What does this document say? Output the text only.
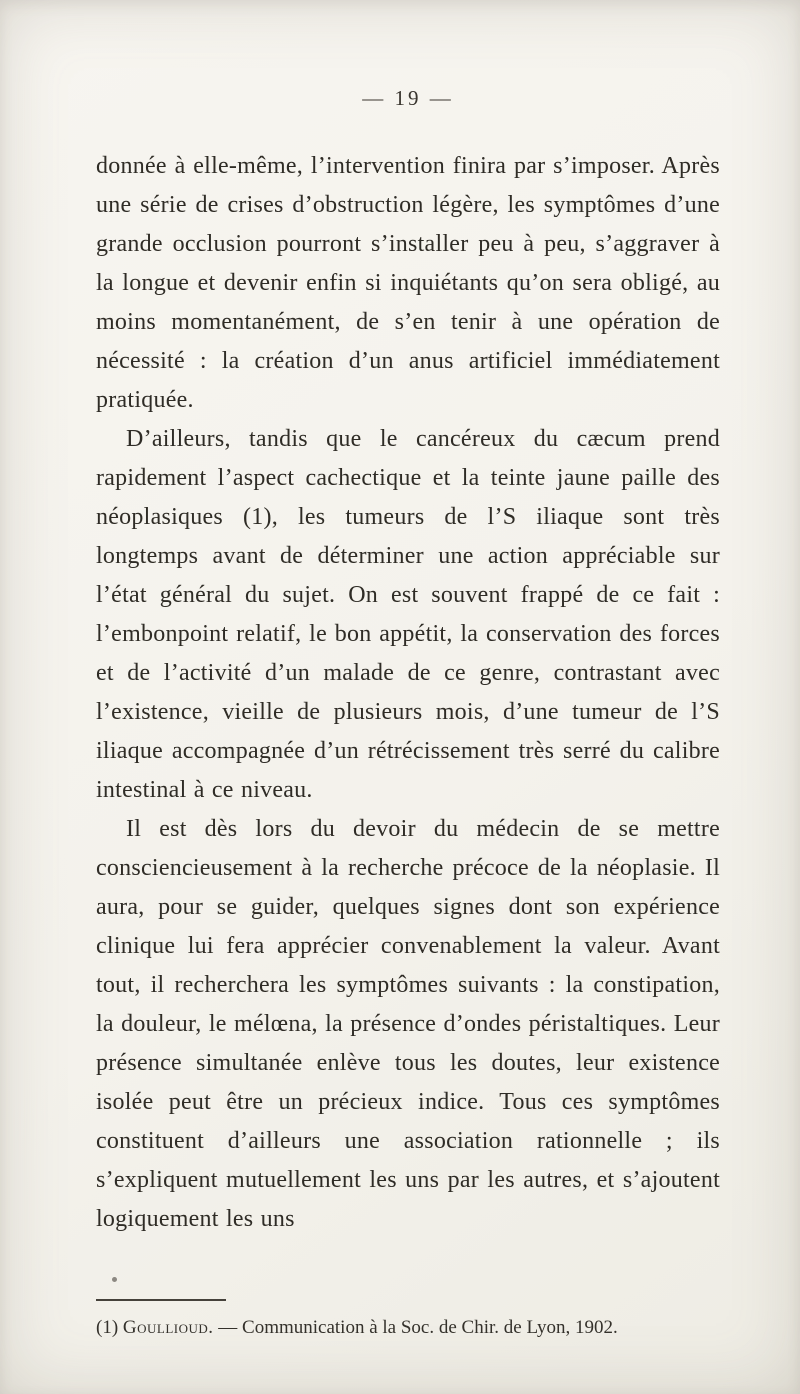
— 19 —

donnée à elle-même, l’intervention finira par s’imposer. Après une série de crises d’obstruction légère, les symptômes d’une grande occlusion pourront s’installer peu à peu, s’aggraver à la longue et devenir enfin si inquiétants qu’on sera obligé, au moins momentanément, de s’en tenir à une opération de nécessité : la création d’un anus artificiel immédiatement pratiquée.

D’ailleurs, tandis que le cancéreux du cæcum prend rapidement l’aspect cachectique et la teinte jaune paille des néoplasiques (1), les tumeurs de l’S iliaque sont très longtemps avant de déterminer une action appréciable sur l’état général du sujet. On est souvent frappé de ce fait : l’embonpoint relatif, le bon appétit, la conservation des forces et de l’activité d’un malade de ce genre, contrastant avec l’existence, vieille de plusieurs mois, d’une tumeur de l’S iliaque accompagnée d’un rétrécissement très serré du calibre intestinal à ce niveau.

Il est dès lors du devoir du médecin de se mettre consciencieusement à la recherche précoce de la néoplasie. Il aura, pour se guider, quelques signes dont son expérience clinique lui fera apprécier convenablement la valeur. Avant tout, il recherchera les symptômes suivants : la constipation, la douleur, le mélœna, la présence d’ondes péristaltiques. Leur présence simultanée enlève tous les doutes, leur existence isolée peut être un précieux indice. Tous ces symptômes constituent d’ailleurs une association rationnelle ; ils s’expliquent mutuellement les uns par les autres, et s’ajoutent logiquement les uns

(1) Goullioud. — Communication à la Soc. de Chir. de Lyon, 1902.
